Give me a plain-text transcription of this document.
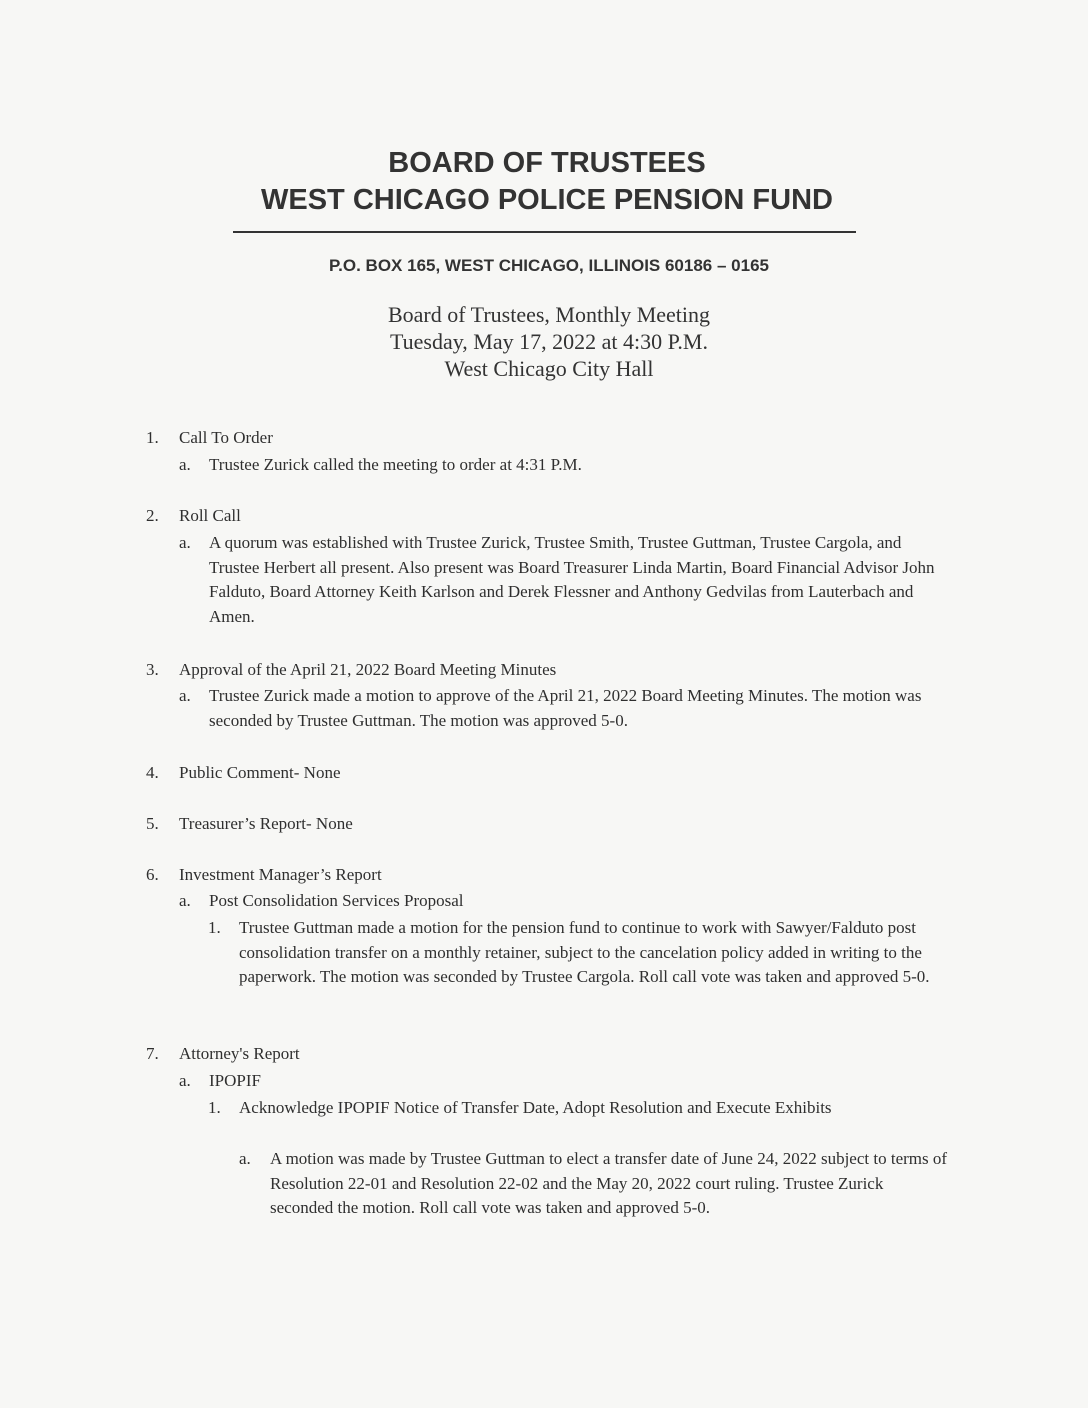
BOARD OF TRUSTEES
WEST CHICAGO POLICE PENSION FUND
P.O. BOX 165, WEST CHICAGO, ILLINOIS 60186 – 0165
Board of Trustees, Monthly Meeting
Tuesday, May 17, 2022 at 4:30 P.M.
West Chicago City Hall
1. Call To Order
a. Trustee Zurick called the meeting to order at 4:31 P.M.
2. Roll Call
a. A quorum was established with Trustee Zurick, Trustee Smith, Trustee Guttman, Trustee Cargola, and Trustee Herbert all present. Also present was Board Treasurer Linda Martin, Board Financial Advisor John Falduto, Board Attorney Keith Karlson and Derek Flessner and Anthony Gedvilas from Lauterbach and Amen.
3. Approval of the April 21, 2022 Board Meeting Minutes
a. Trustee Zurick made a motion to approve of the April 21, 2022 Board Meeting Minutes. The motion was seconded by Trustee Guttman. The motion was approved 5-0.
4. Public Comment- None
5. Treasurer’s Report- None
6. Investment Manager’s Report
a. Post Consolidation Services Proposal
1. Trustee Guttman made a motion for the pension fund to continue to work with Sawyer/Falduto post consolidation transfer on a monthly retainer, subject to the cancelation policy added in writing to the paperwork. The motion was seconded by Trustee Cargola. Roll call vote was taken and approved 5-0.
7. Attorney's Report
a. IPOPIF
1. Acknowledge IPOPIF Notice of Transfer Date, Adopt Resolution and Execute Exhibits
a. A motion was made by Trustee Guttman to elect a transfer date of June 24, 2022 subject to terms of Resolution 22-01 and Resolution 22-02 and the May 20, 2022 court ruling. Trustee Zurick seconded the motion. Roll call vote was taken and approved 5-0.
